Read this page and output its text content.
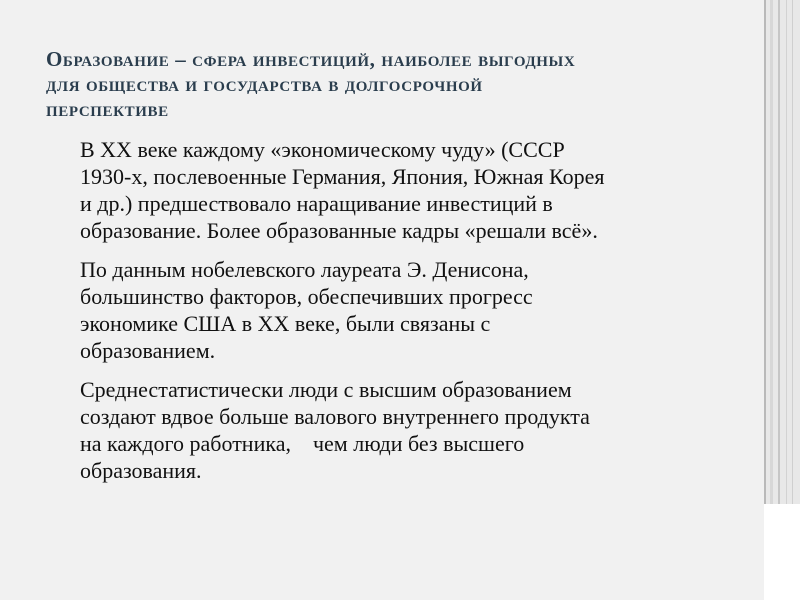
Образование – сфера инвестиций, наиболее выгодных
для общества и государства в долгосрочной
перспективе

В ХХ веке каждому «экономическому чуду» (СССР
1930-х, послевоенные Германия, Япония, Южная Корея
и др.) предшествовало наращивание инвестиций в
образование. Более образованные кадры «решали всё».

По данным нобелевского лауреата Э. Денисона,
большинство факторов, обеспечивших прогресс
экономике США в ХХ веке, были связаны с
образованием.

Среднестатистически люди с высшим образованием
создают вдвое больше валового внутреннего продукта
на каждого работника,    чем люди без высшего
образования.
